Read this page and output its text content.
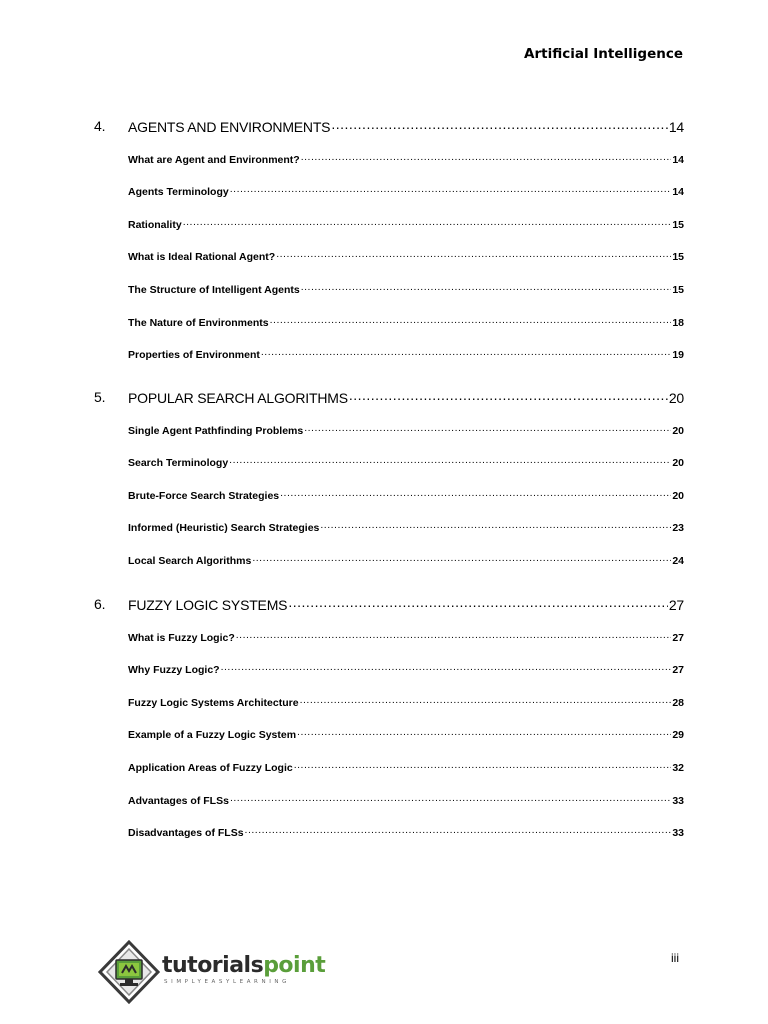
Artificial Intelligence
4. AGENTS AND ENVIRONMENTS .....	14
What are Agent and Environment? .....	14
Agents Terminology .....	14
Rationality .....	15
What is Ideal Rational Agent? .....	15
The Structure of Intelligent Agents .....	15
The Nature of Environments .....	18
Properties of Environment .....	19
5. POPULAR SEARCH ALGORITHMS .....	20
Single Agent Pathfinding Problems .....	20
Search Terminology .....	20
Brute-Force Search Strategies .....	20
Informed (Heuristic) Search Strategies .....	23
Local Search Algorithms .....	24
6. FUZZY LOGIC SYSTEMS .....	27
What is Fuzzy Logic? .....	27
Why Fuzzy Logic? .....	27
Fuzzy Logic Systems Architecture .....	28
Example of a Fuzzy Logic System .....	29
Application Areas of Fuzzy Logic .....	32
Advantages of FLSs .....	33
Disadvantages of FLSs .....	33
iii
tutorialspoint
SIMPLYEASYLEARNING
